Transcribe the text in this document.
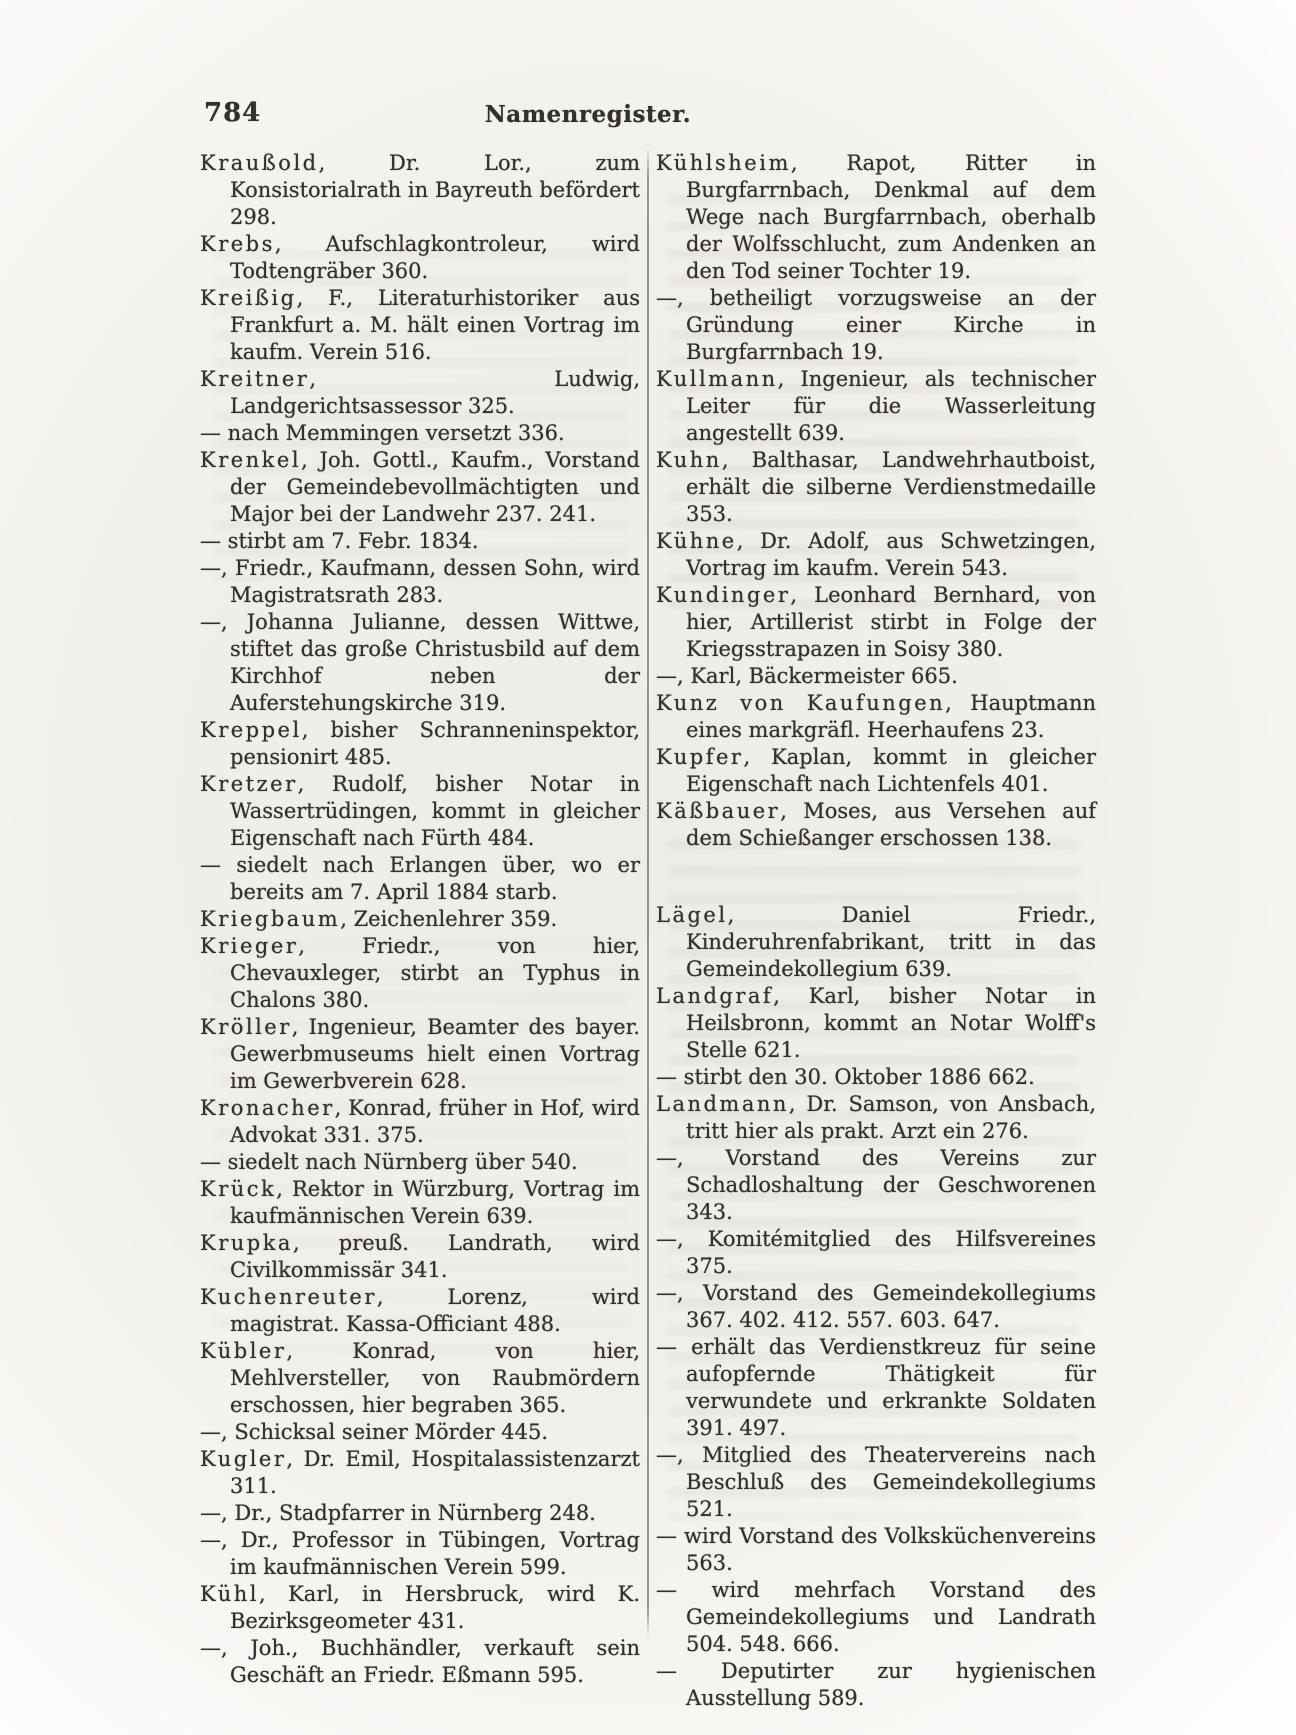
784	Namenregister.

Kraußold, Dr. Lor., zum Konsistorialrath in Bayreuth befördert 298.

Krebs, Aufschlagkontroleur, wird Todtengräber 360.

Kreißig, F., Literaturhistoriker aus Frankfurt a. M. hält einen Vortrag im kaufm. Verein 516.

Kreitner, Ludwig, Landgerichtsassessor 325.

— nach Memmingen versetzt 336.

Krenkel, Joh. Gottl., Kaufm., Vorstand der Gemeindebevollmächtigten und Major bei der Landwehr 237. 241.

— stirbt am 7. Febr. 1834.

—, Friedr., Kaufmann, dessen Sohn, wird Magistratsrath 283.

—, Johanna Julianne, dessen Wittwe, stiftet das große Christusbild auf dem Kirchhof neben der Auferstehungskirche 319.

Kreppel, bisher Schranneninspektor, pensionirt 485.

Kretzer, Rudolf, bisher Notar in Wassertrüdingen, kommt in gleicher Eigenschaft nach Fürth 484.

— siedelt nach Erlangen über, wo er bereits am 7. April 1884 starb.

Kriegbaum, Zeichenlehrer 359.

Krieger, Friedr., von hier, Chevauxleger, stirbt an Typhus in Chalons 380.

Kröller, Ingenieur, Beamter des bayer. Gewerbmuseums hielt einen Vortrag im Gewerbverein 628.

Kronacher, Konrad, früher in Hof, wird Advokat 331. 375.

— siedelt nach Nürnberg über 540.

Krück, Rektor in Würzburg, Vortrag im kaufmännischen Verein 639.

Krupka, preuß. Landrath, wird Civilkommissär 341.

Kuchenreuter, Lorenz, wird magistrat. Kassa-Officiant 488.

Kübler, Konrad, von hier, Mehlversteller, von Raubmördern erschossen, hier begraben 365.

—, Schicksal seiner Mörder 445.

Kugler, Dr. Emil, Hospitalassistenzarzt 311.

—, Dr., Stadpfarrer in Nürnberg 248.

—, Dr., Professor in Tübingen, Vortrag im kaufmännischen Verein 599.

Kühl, Karl, in Hersbruck, wird K. Bezirksgeometer 431.

—, Joh., Buchhändler, verkauft sein Geschäft an Friedr. Eßmann 595.

Kühlsheim, Rapot, Ritter in Burgfarrnbach, Denkmal auf dem Wege nach Burgfarrnbach, oberhalb der Wolfsschlucht, zum Andenken an den Tod seiner Tochter 19.

—, betheiligt vorzugsweise an der Gründung einer Kirche in Burgfarrnbach 19.

Kullmann, Ingenieur, als technischer Leiter für die Wasserleitung angestellt 639.

Kuhn, Balthasar, Landwehrhautboist, erhält die silberne Verdienstmedaille 353.

Kühne, Dr. Adolf, aus Schwetzingen, Vortrag im kaufm. Verein 543.

Kundinger, Leonhard Bernhard, von hier, Artillerist stirbt in Folge der Kriegsstrapazen in Soisy 380.

—, Karl, Bäckermeister 665.

Kunz von Kaufungen, Hauptmann eines markgräfl. Heerhaufens 23.

Kupfer, Kaplan, kommt in gleicher Eigenschaft nach Lichtenfels 401.

Käßbauer, Moses, aus Versehen auf dem Schießanger erschossen 138.

Lägel, Daniel Friedr., Kinderuhrenfabrikant, tritt in das Gemeindekollegium 639.

Landgraf, Karl, bisher Notar in Heilsbronn, kommt an Notar Wolff's Stelle 621.

— stirbt den 30. Oktober 1886 662.

Landmann, Dr. Samson, von Ansbach, tritt hier als prakt. Arzt ein 276.

—, Vorstand des Vereins zur Schadloshaltung der Geschworenen 343.

—, Komitémitglied des Hilfsvereines 375.

—, Vorstand des Gemeindekollegiums 367. 402. 412. 557. 603. 647.

— erhält das Verdienstkreuz für seine aufopfernde Thätigkeit für verwundete und erkrankte Soldaten 391. 497.

—, Mitglied des Theatervereins nach Beschluß des Gemeindekollegiums 521.

— wird Vorstand des Volksküchenvereins 563.

— wird mehrfach Vorstand des Gemeindekollegiums und Landrath 504. 548. 666.

— Deputirter zur hygienischen Ausstellung 589.
